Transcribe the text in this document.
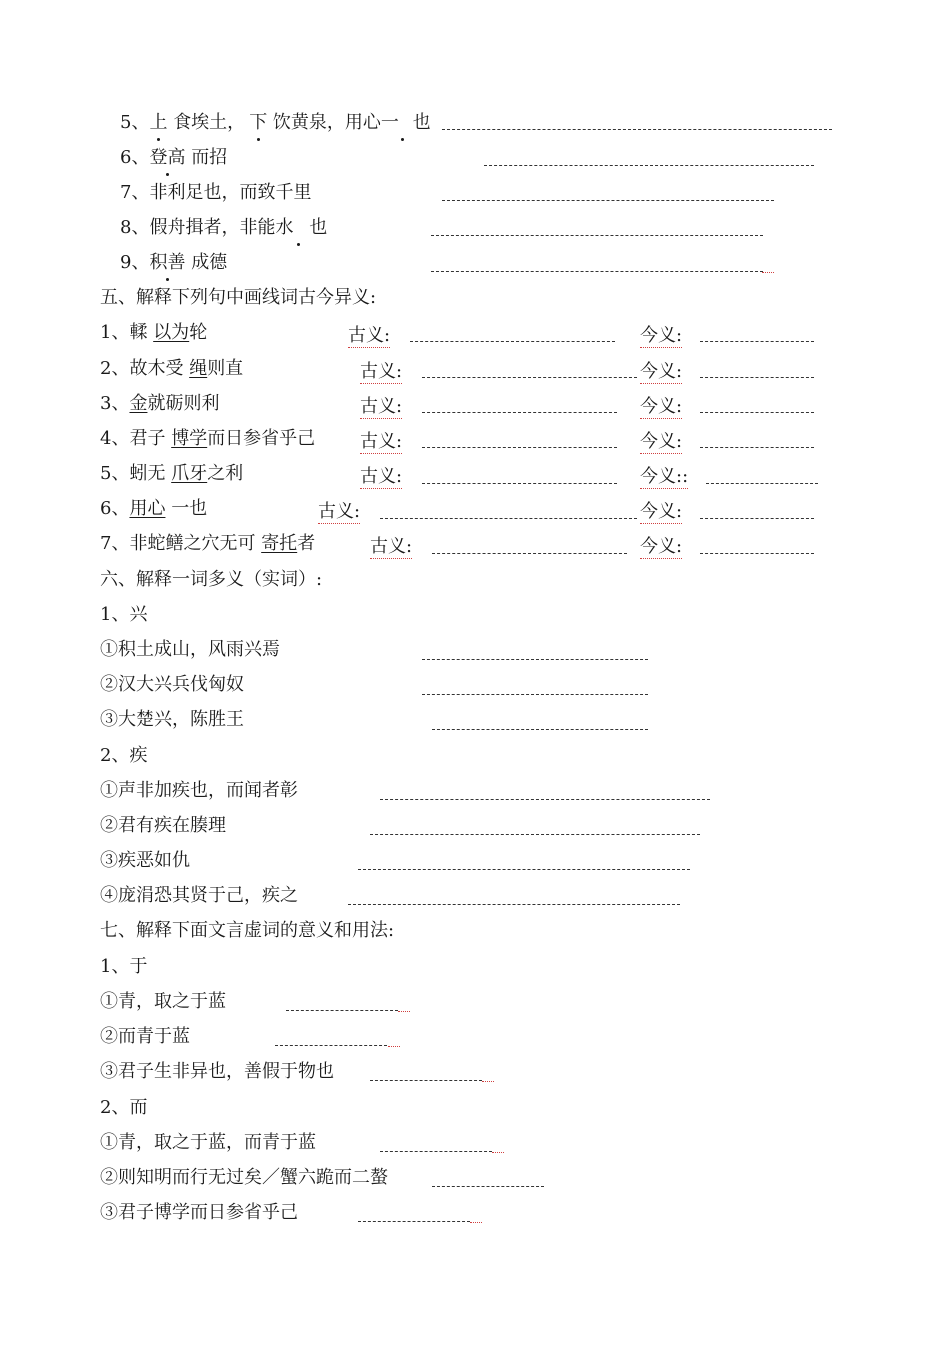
5、上 食埃土， 下 饮黄泉，用心一 也
6、登高 而招
7、非利足也，而致千里
8、假舟揖者，非能水 也
9、积善 成德
五、解释下列句中画线词古今异义:
1、輮 以为轮	古义:	今义:
2、故木受 绳则直	古义:	今义:
3、金就砺则利	古义:	今义:
4、君子 博学而日参省乎己 古义:	今义:
5、蚓无 爪牙之利	古义:	今义::
6、用心 一也	古义:	今义:
7、非蛇鳝之穴无可 寄托者	古义:	今义:
六、解释一词多义（实词）:
1、兴
①积土成山，风雨兴焉
②汉大兴兵伐匈奴
③大楚兴，陈胜王
2、疾
①声非加疾也，而闻者彰
②君有疾在腠理
③疾恶如仇
④庞涓恐其贤于己，疾之
七、解释下面文言虚词的意义和用法:
1、于
①青，取之于蓝
②而青于蓝
③君子生非异也，善假于物也
2、而
①青，取之于蓝，而青于蓝
②则知明而行无过矣／蟹六跪而二螯
③君子博学而日参省乎己
